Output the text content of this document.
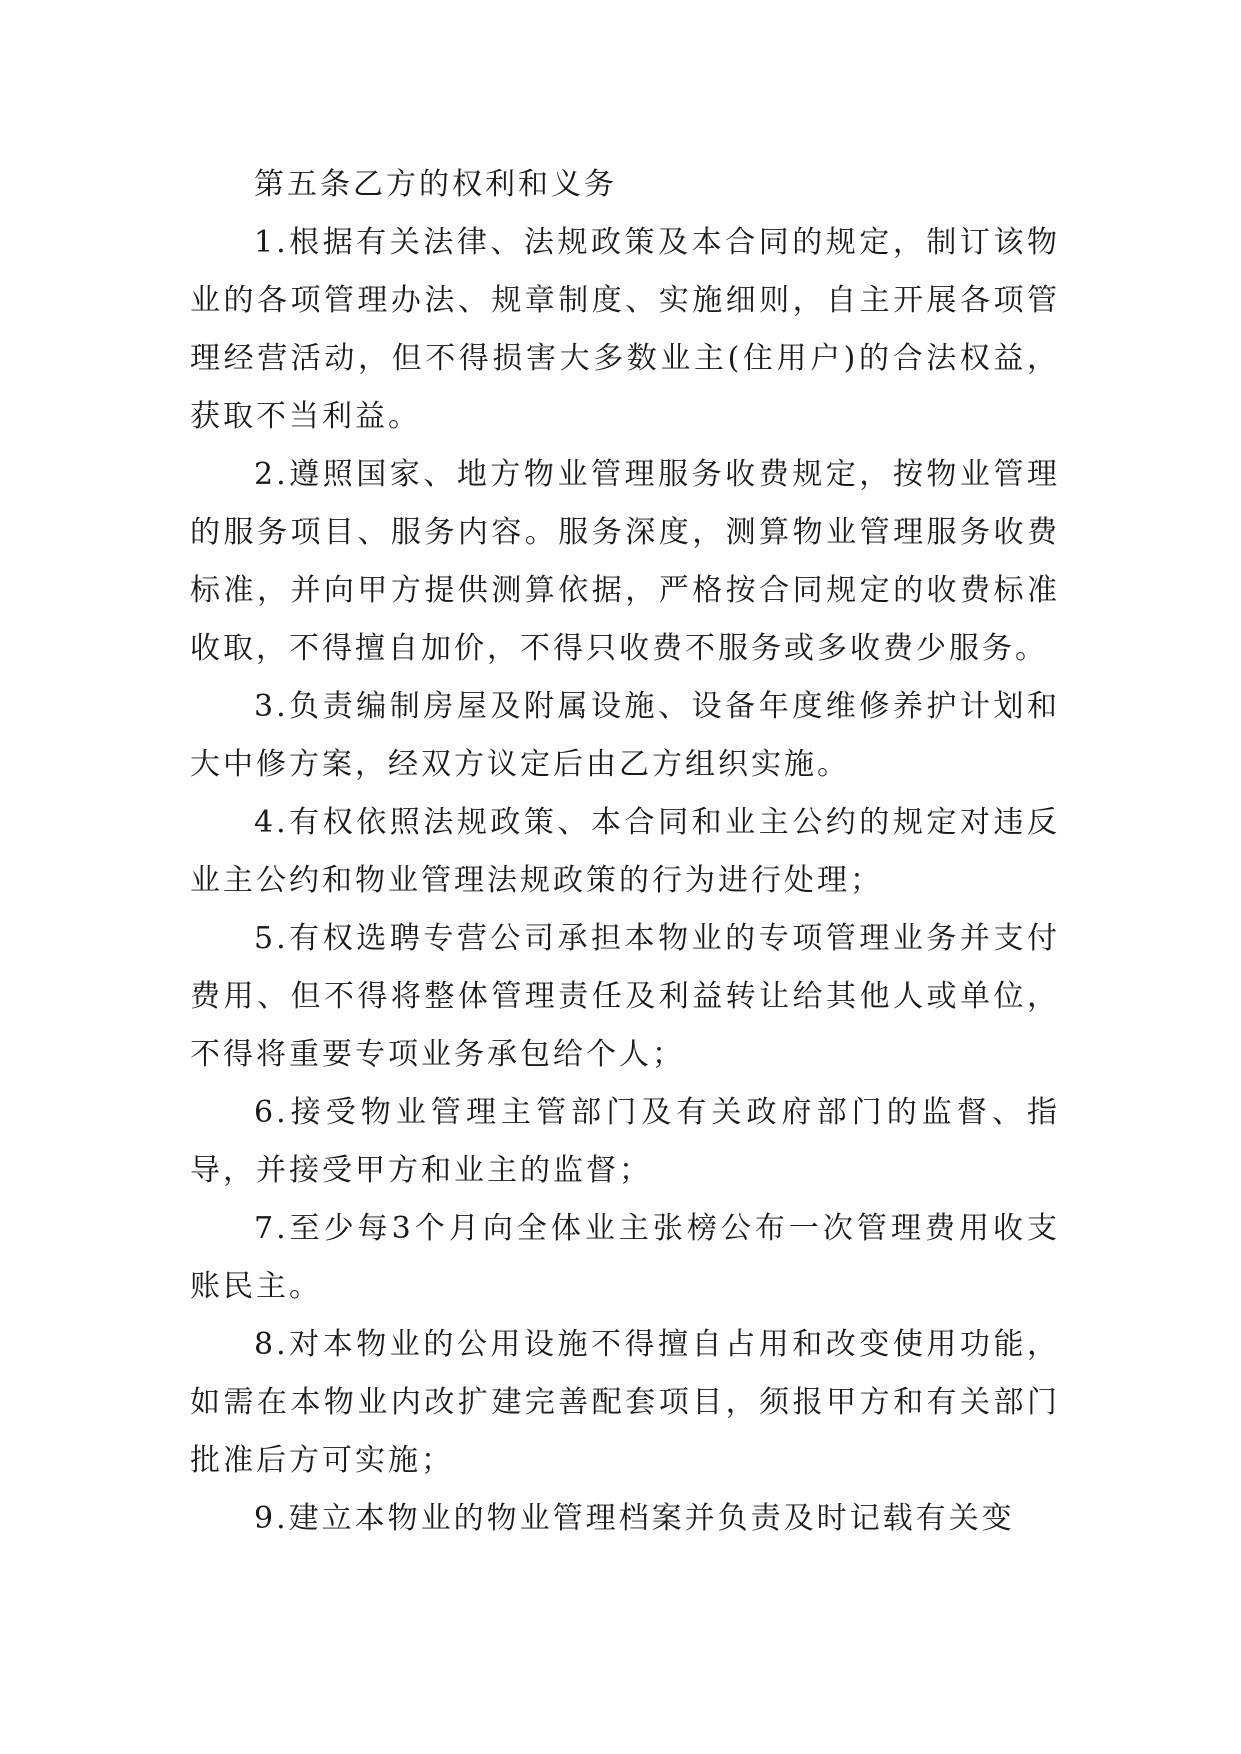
第五条乙方的权利和义务

1.根据有关法律、法规政策及本合同的规定，制订该物业的各项管理办法、规章制度、实施细则，自主开展各项管理经营活动，但不得损害大多数业主(住用户)的合法权益，获取不当利益。

2.遵照国家、地方物业管理服务收费规定，按物业管理的服务项目、服务内容。服务深度，测算物业管理服务收费标准，并向甲方提供测算依据，严格按合同规定的收费标准收取，不得擅自加价，不得只收费不服务或多收费少服务。

3.负责编制房屋及附属设施、设备年度维修养护计划和大中修方案，经双方议定后由乙方组织实施。

4.有权依照法规政策、本合同和业主公约的规定对违反业主公约和物业管理法规政策的行为进行处理；

5.有权选聘专营公司承担本物业的专项管理业务并支付费用、但不得将整体管理责任及利益转让给其他人或单位，不得将重要专项业务承包给个人；

6.接受物业管理主管部门及有关政府部门的监督、指导，并接受甲方和业主的监督；

7.至少每3个月向全体业主张榜公布一次管理费用收支账民主。

8.对本物业的公用设施不得擅自占用和改变使用功能，如需在本物业内改扩建完善配套项目，须报甲方和有关部门批准后方可实施；

9.建立本物业的物业管理档案并负责及时记载有关变
